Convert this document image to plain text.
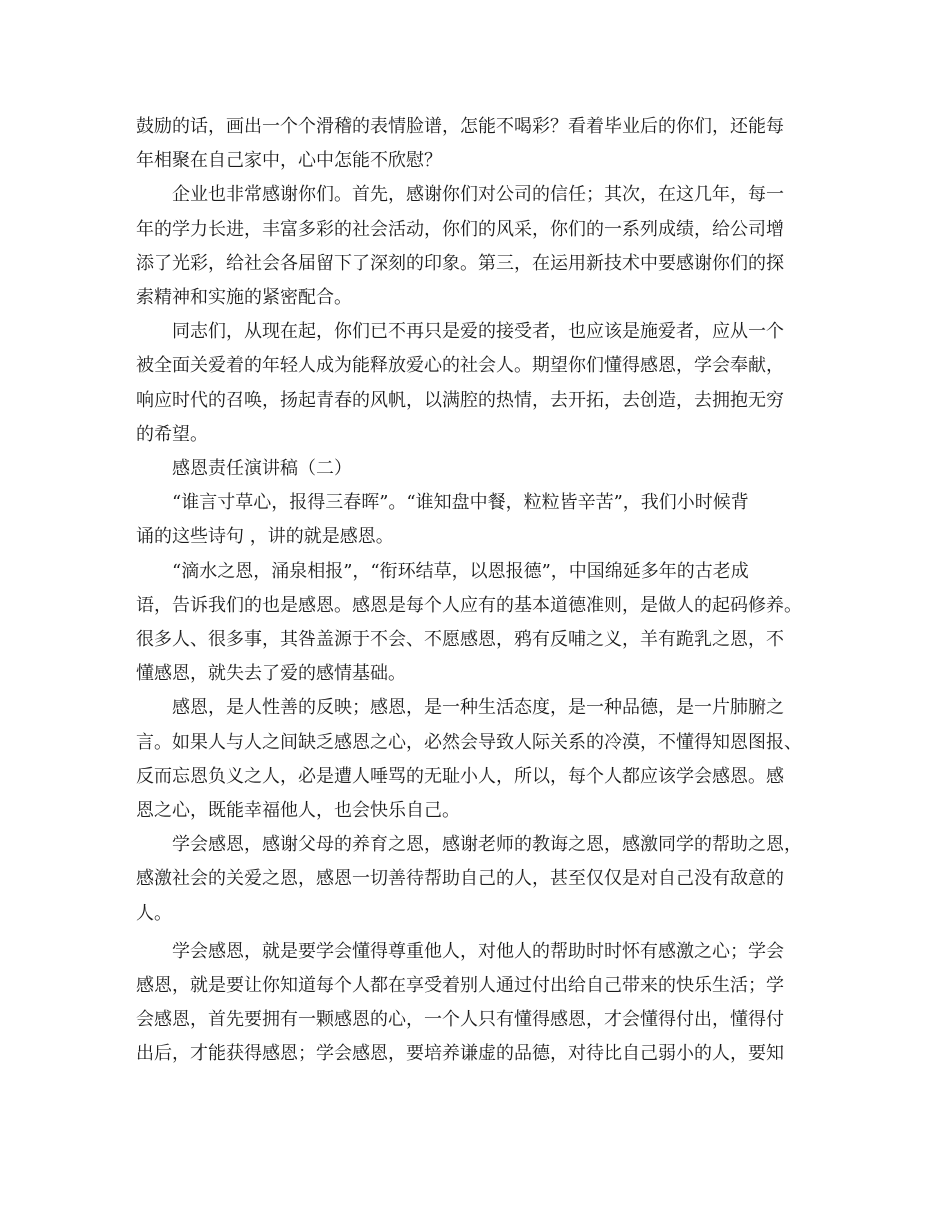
鼓励的话，画出一个个滑稽的表情脸谱，怎能不喝彩？看着毕业后的你们，还能每
年相聚在自己家中，心中怎能不欣慰？
企业也非常感谢你们。首先，感谢你们对公司的信任；其次，在这几年，每一
年的学力长进，丰富多彩的社会活动，你们的风采，你们的一系列成绩，给公司增
添了光彩，给社会各届留下了深刻的印象。第三，在运用新技术中要感谢你们的探
索精神和实施的紧密配合。
同志们，从现在起，你们已不再只是爱的接受者，也应该是施爱者，应从一个
被全面关爱着的年轻人成为能释放爱心的社会人。期望你们懂得感恩，学会奉献，
响应时代的召唤，扬起青春的风帆，以满腔的热情，去开拓，去创造，去拥抱无穷
的希望。
感恩责任演讲稿（二）
“谁言寸草心，报得三春晖”。“谁知盘中餐，粒粒皆辛苦”，我们小时候背
诵的这些诗句 ，讲的就是感恩。
“滴水之恩，涌泉相报”，“衔环结草，以恩报德”，中国绵延多年的古老成
语，告诉我们的也是感恩。感恩是每个人应有的基本道德准则，是做人的起码修养。
很多人、很多事，其咎盖源于不会、不愿感恩，鸦有反哺之义，羊有跪乳之恩，不
懂感恩，就失去了爱的感情基础。
感恩，是人性善的反映；感恩，是一种生活态度，是一种品德，是一片肺腑之
言。如果人与人之间缺乏感恩之心，必然会导致人际关系的冷漠，不懂得知恩图报、
反而忘恩负义之人，必是遭人唾骂的无耻小人，所以，每个人都应该学会感恩。感
恩之心，既能幸福他人，也会快乐自己。
学会感恩，感谢父母的养育之恩，感谢老师的教诲之恩，感激同学的帮助之恩，
感激社会的关爱之恩，感恩一切善待帮助自己的人，甚至仅仅是对自己没有敌意的
人。
学会感恩，就是要学会懂得尊重他人，对他人的帮助时时怀有感激之心；学会
感恩，就是要让你知道每个人都在享受着别人通过付出给自己带来的快乐生活；学
会感恩，首先要拥有一颗感恩的心，一个人只有懂得感恩，才会懂得付出，懂得付
出后，才能获得感恩；学会感恩，要培养谦虚的品德，对待比自己弱小的人，要知
